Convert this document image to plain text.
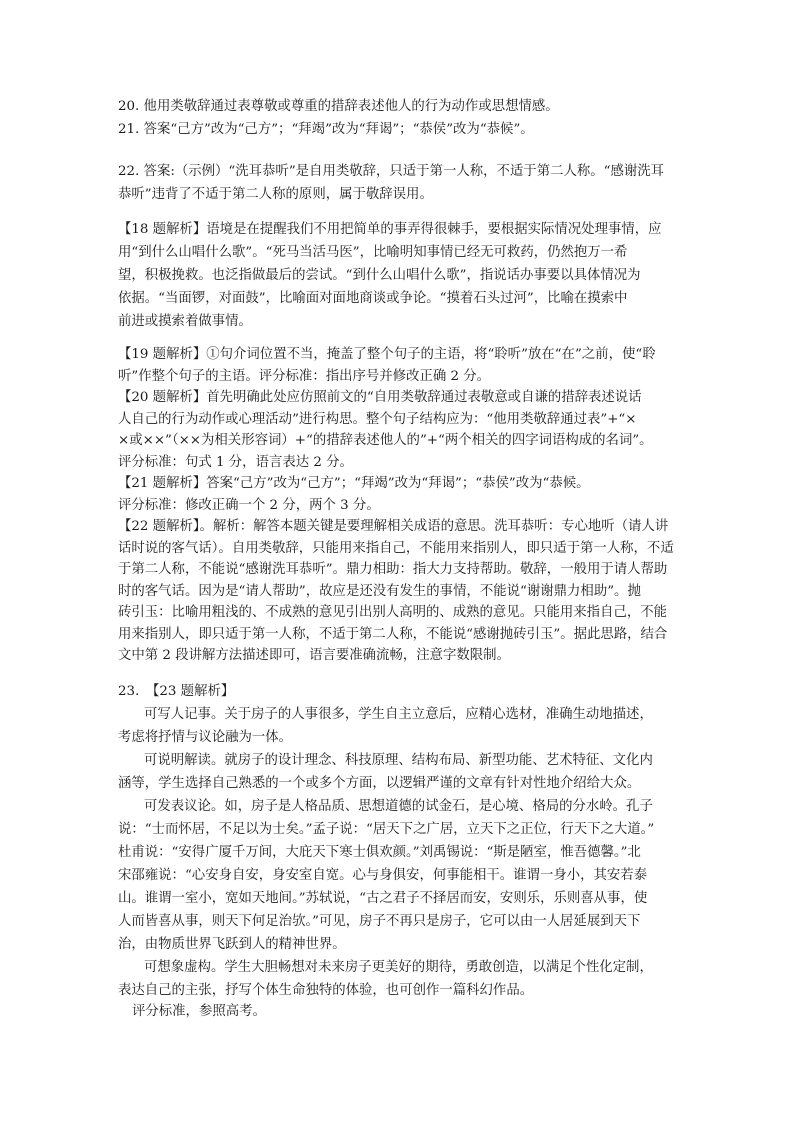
20. 他用类敬辞通过表尊敬或尊重的措辞表述他人的行为动作或思想情感。

21. 答案“己方”改为“己方”；“拜竭”改为“拜谒”；“恭侯”改为“恭候”。

22. 答案:（示例）“洗耳恭听”是自用类敬辞，只适于第一人称，不适于第二人称。“感谢洗耳

恭听”违背了不适于第二人称的原则，属于敬辞误用。

【18 题解析】语境是在提醒我们不用把简单的事弄得很棘手，要根据实际情况处理事情，应

用“到什么山唱什么歌”。“死马当活马医”，比喻明知事情已经无可救药，仍然抱万一希

望，积极挽救。也泛指做最后的尝试。“到什么山唱什么歌”，指说话办事要以具体情况为

依据。“当面锣，对面鼓”，比喻面对面地商谈或争论。“摸着石头过河”，比喻在摸索中

前进或摸索着做事情。

【19 题解析】①句介词位置不当，掩盖了整个句子的主语，将“聆听”放在“在”之前，使“聆

听”作整个句子的主语。评分标准：指出序号并修改正确 2 分。

【20 题解析】首先明确此处应仿照前文的“自用类敬辞通过表敬意或自谦的措辞表述说话

人自己的行为动作或心理活动”进行构思。整个句子结构应为：“他用类敬辞通过表”+“×

×或××”（××为相关形容词）+“的措辞表述他人的”+“两个相关的四字词语构成的名词”。

评分标准：句式 1 分，语言表达 2 分。

【21 题解析】答案“己方”改为“己方”；“拜竭”改为“拜谒”；“恭侯”改为“恭候。

评分标准：修改正确一个 2 分，两个 3 分。

【22 题解析】。解析：解答本题关键是要理解相关成语的意思。洗耳恭听：专心地听（请人讲

话时说的客气话）。自用类敬辞，只能用来指自己，不能用来指别人，即只适于第一人称，不适

于第二人称，不能说“感谢洗耳恭听”。鼎力相助：指大力支持帮助。敬辞，一般用于请人帮助

时的客气话。因为是“请人帮助”，故应是还没有发生的事情，不能说“谢谢鼎力相助”。抛

砖引玉：比喻用粗浅的、不成熟的意见引出别人高明的、成熟的意见。只能用来指自己，不能

用来指别人，即只适于第一人称，不适于第二人称，不能说“感谢抛砖引玉”。据此思路，结合

文中第 2 段讲解方法描述即可，语言要准确流畅，注意字数限制。

23.　【23 题解析】

可写人记事。关于房子的人事很多，学生自主立意后，应精心选材，准确生动地描述，

考虑将抒情与议论融为一体。

可说明解读。就房子的设计理念、科技原理、结构布局、新型功能、艺术特征、文化内

涵等，学生选择自己熟悉的一个或多个方面，以逻辑严谨的文章有针对性地介绍给大众。

可发表议论。如，房子是人格品质、思想道德的试金石，是心境、格局的分水岭。孔子

说：“士而怀居，不足以为士矣。”孟子说：“居天下之广居，立天下之正位，行天下之大道。”

杜甫说：“安得广厦千万间，大庇天下寒士俱欢颜。”刘禹锡说：“斯是陋室，惟吾德馨。”北

宋邵雍说：“心安身自安，身安室自宽。心与身俱安，何事能相干。谁谓一身小，其安若泰

山。谁谓一室小，宽如天地间。”苏轼说，“古之君子不择居而安，安则乐，乐则喜从事，使

人而皆喜从事，则天下何足治欤。”可见，房子不再只是房子，它可以由一人居延展到天下

治，由物质世界飞跃到人的精神世界。

可想象虚构。学生大胆畅想对未来房子更美好的期待，勇敢创造，以满足个性化定制，

表达自己的主张，抒写个体生命独特的体验，也可创作一篇科幻作品。

评分标准，参照高考。
